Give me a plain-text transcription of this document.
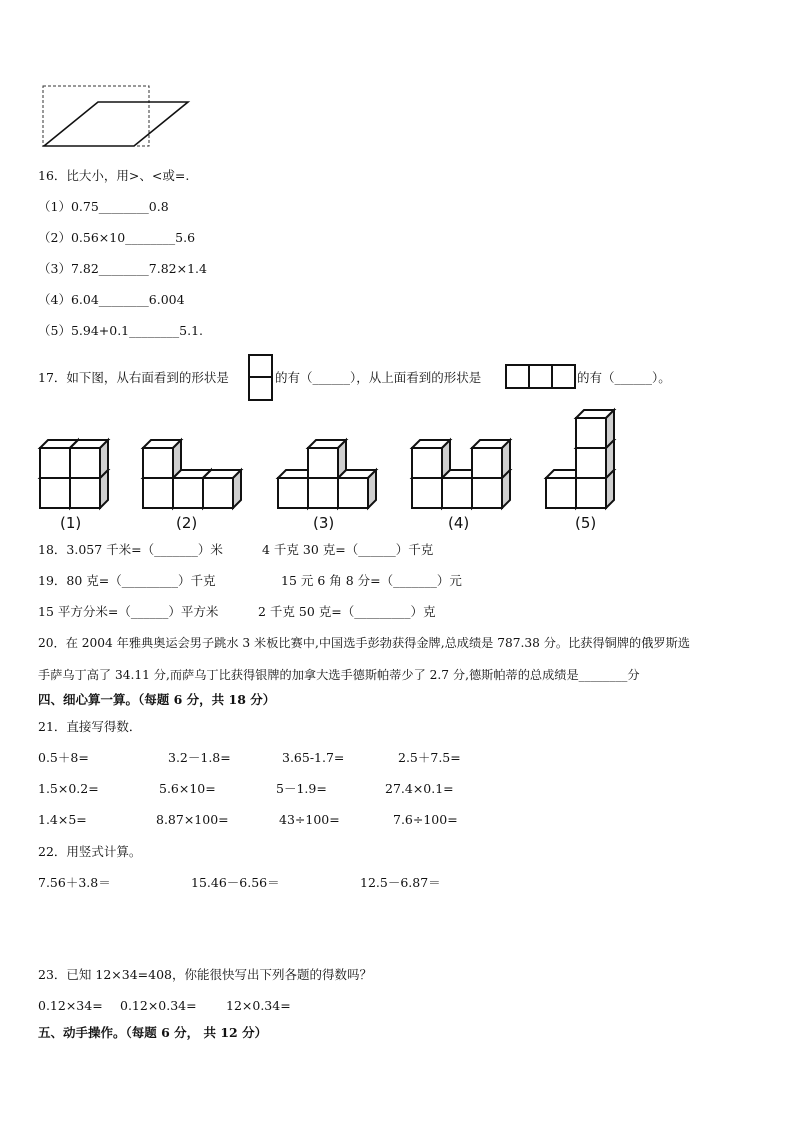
16．比大小，用>、<或=.
（1）0.75________0.8
（2）0.56×10________5.6
（3）7.82________7.82×1.4
（4）6.04________6.004
（5）5.94+0.1________5.1.
17．如下图，从右面看到的形状是	的有（______），从上面看到的形状是	的有（______）。
(1)	(2)	(3)	(4)	(5)
18．3.057 千米=（_______）米	4 千克 30 克=（______）千克
19．80 克=（_________）千克	15 元 6 角 8 分=（_______）元
15 平方分米=（______）平方米	2 千克 50 克=（_________）克
20．在 2004 年雅典奥运会男子跳水 3 米板比赛中,中国选手彭勃获得金牌,总成绩是 787.38 分。比获得铜牌的俄罗斯选
手萨乌丁高了 34.11 分,而萨乌丁比获得银牌的加拿大选手德斯帕蒂少了 2.7 分,德斯帕蒂的总成绩是________分
四、细心算一算。（每题 6 分，共 18 分）
21．直接写得数．
0.5＋8=	3.2－1.8=	3.65-1.7=	2.5＋7.5=
1.5×0.2=	5.6×10=	5－1.9=	27.4×0.1=
1.4×5=	8.87×100=	43÷100=	7.6÷100=
22．用竖式计算。
7.56＋3.8＝	15.46－6.56＝	12.5－6.87＝
23．已知 12×34=408，你能很快写出下列各题的得数吗？
0.12×34= 0.12×0.34= 12×0.34=
五、动手操作。（每题 6 分， 共 12 分）
